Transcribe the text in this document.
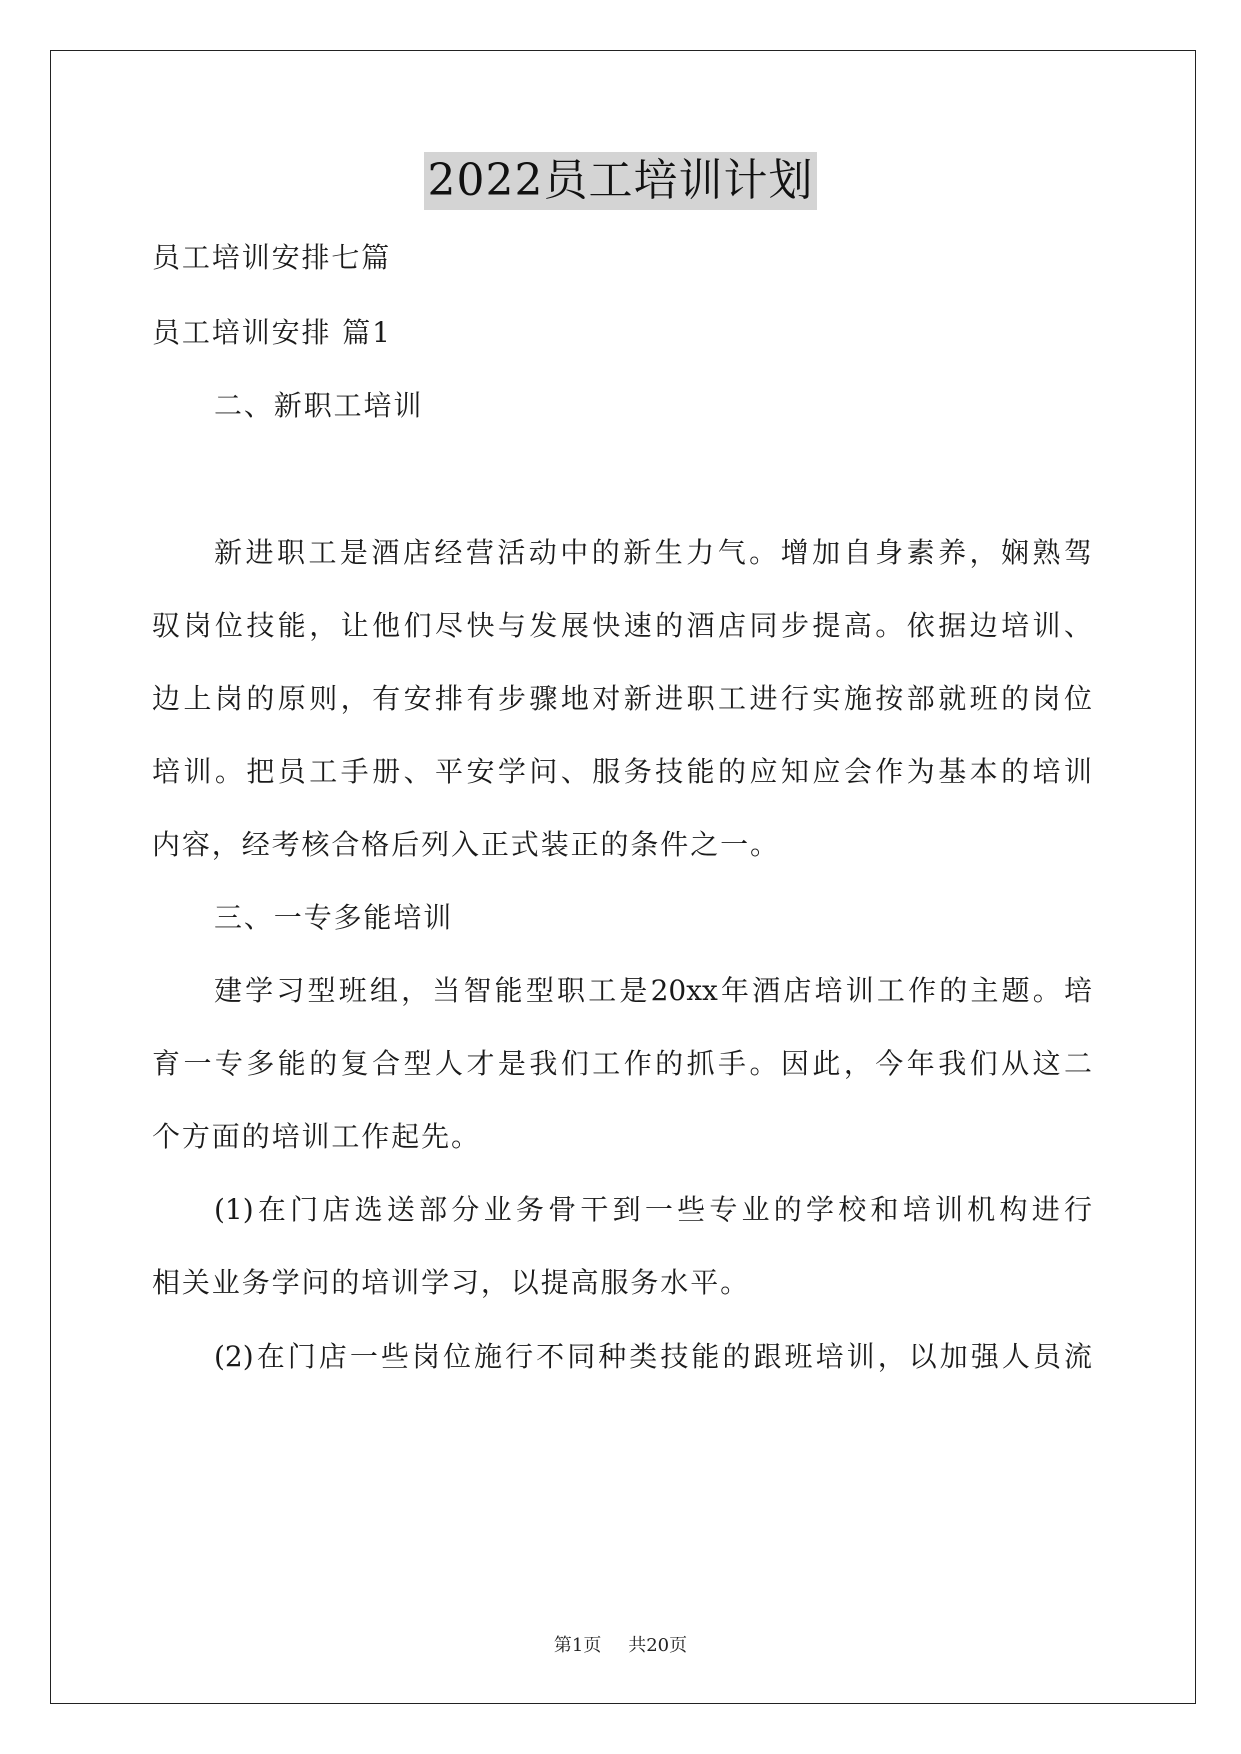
2022员工培训计划
员工培训安排七篇
员工培训安排 篇1
二、新职工培训
新进职工是酒店经营活动中的新生力气。增加自身素养，娴熟驾
驭岗位技能，让他们尽快与发展快速的酒店同步提高。依据边培训、
边上岗的原则，有安排有步骤地对新进职工进行实施按部就班的岗位
培训。把员工手册、平安学问、服务技能的应知应会作为基本的培训
内容，经考核合格后列入正式装正的条件之一。
三、一专多能培训
建学习型班组，当智能型职工是20xx年酒店培训工作的主题。培
育一专多能的复合型人才是我们工作的抓手。因此，今年我们从这二
个方面的培训工作起先。
(1)在门店选送部分业务骨干到一些专业的学校和培训机构进行
相关业务学问的培训学习，以提高服务水平。
(2)在门店一些岗位施行不同种类技能的跟班培训，以加强人员流
第1页 共20页
